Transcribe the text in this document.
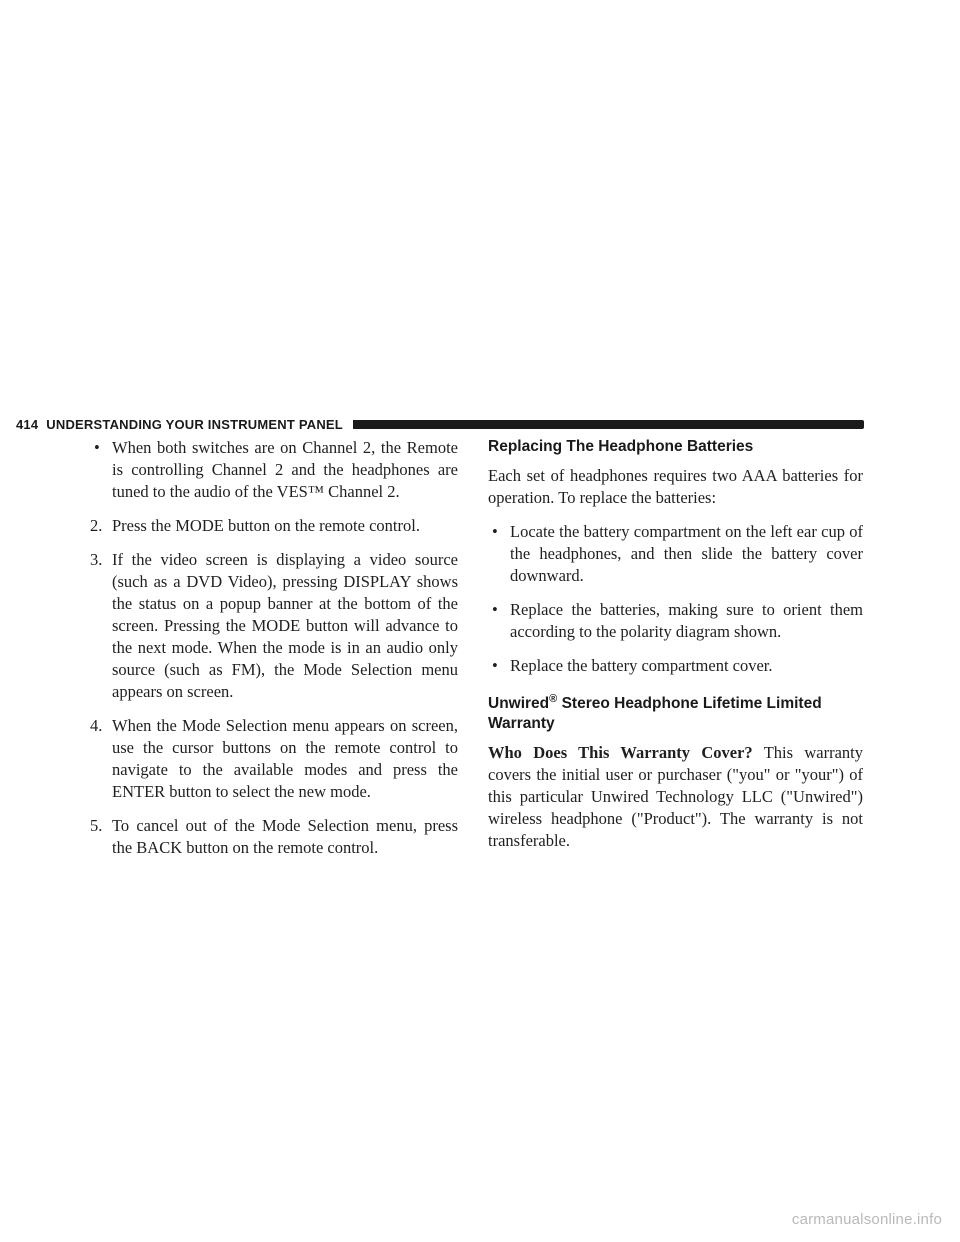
414 UNDERSTANDING YOUR INSTRUMENT PANEL
• When both switches are on Channel 2, the Remote is controlling Channel 2 and the headphones are tuned to the audio of the VES™ Channel 2.
2. Press the MODE button on the remote control.
3. If the video screen is displaying a video source (such as a DVD Video), pressing DISPLAY shows the status on a popup banner at the bottom of the screen. Pressing the MODE button will advance to the next mode. When the mode is in an audio only source (such as FM), the Mode Selection menu appears on screen.
4. When the Mode Selection menu appears on screen, use the cursor buttons on the remote control to navigate to the available modes and press the ENTER button to select the new mode.
5. To cancel out of the Mode Selection menu, press the BACK button on the remote control.
Replacing The Headphone Batteries

Each set of headphones requires two AAA batteries for operation. To replace the batteries:

• Locate the battery compartment on the left ear cup of the headphones, and then slide the battery cover downward.
• Replace the batteries, making sure to orient them according to the polarity diagram shown.
• Replace the battery compartment cover.
Unwired® Stereo Headphone Lifetime Limited Warranty

Who Does This Warranty Cover? This warranty covers the initial user or purchaser ("you" or "your") of this particular Unwired Technology LLC ("Unwired") wireless headphone ("Product"). The warranty is not transferable.

carmanualsonline.info
